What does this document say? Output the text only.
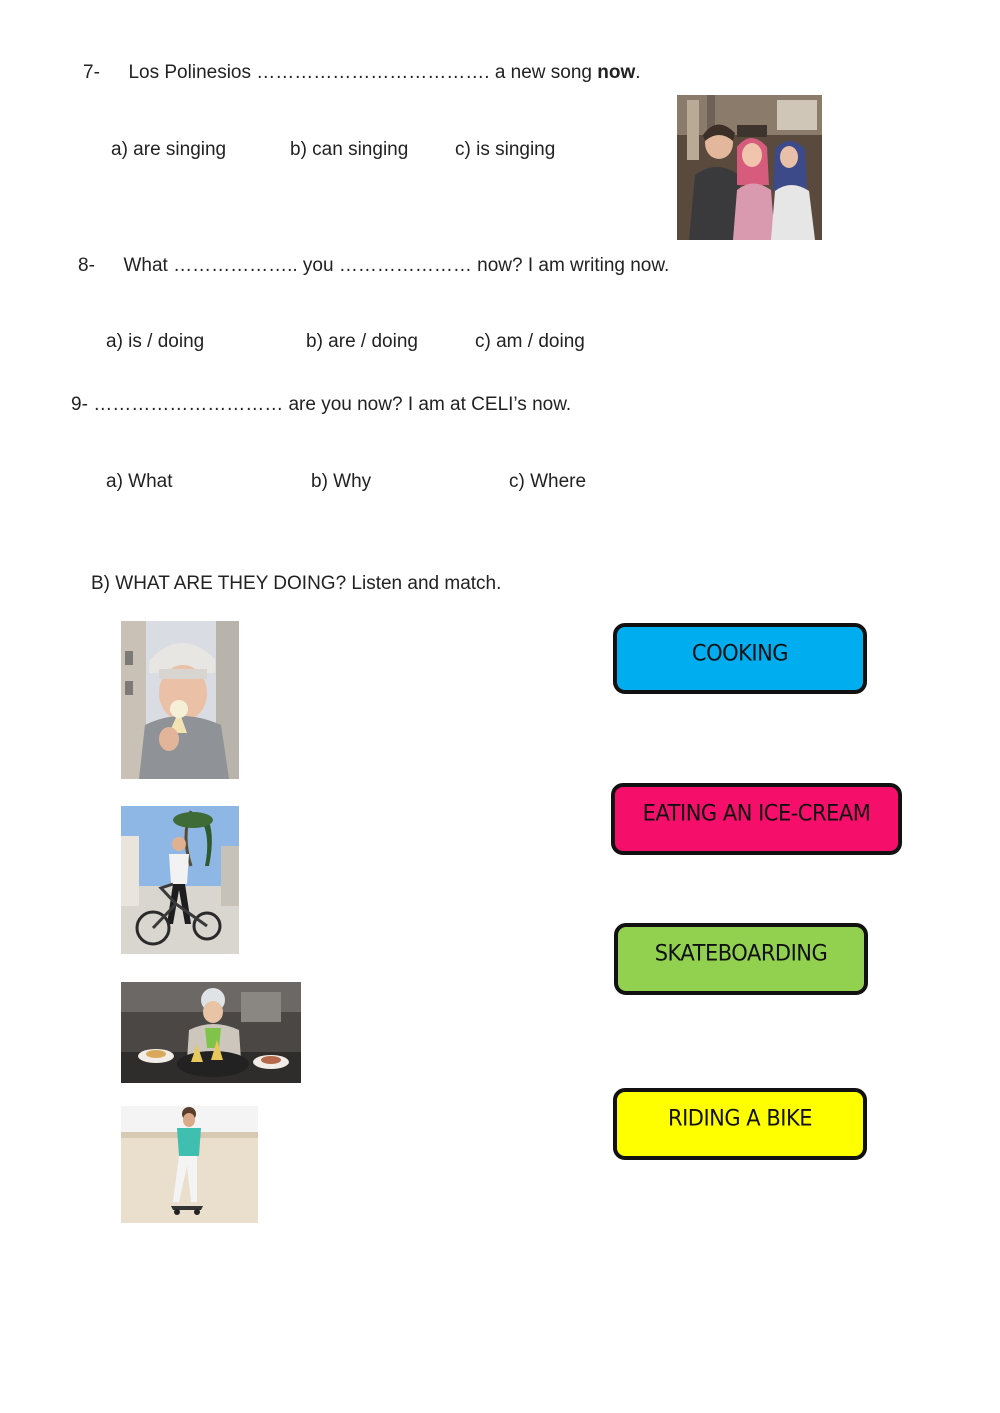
7- Los Polinesios ………………………………. a new song now.
a) are singing	b) can singing c) is singing
8- What ……………….. you ………………… now? I am writing now.
a) is / doing	b) are / doing	c) am / doing
9- ………………………… are you now? I am at CELI’s now.
a) What	b) Why	c) Where
B) WHAT ARE THEY DOING? Listen and match.
COOKING
EATING AN ICE-CREAM
SKATEBOARDING
RIDING A BIKE
